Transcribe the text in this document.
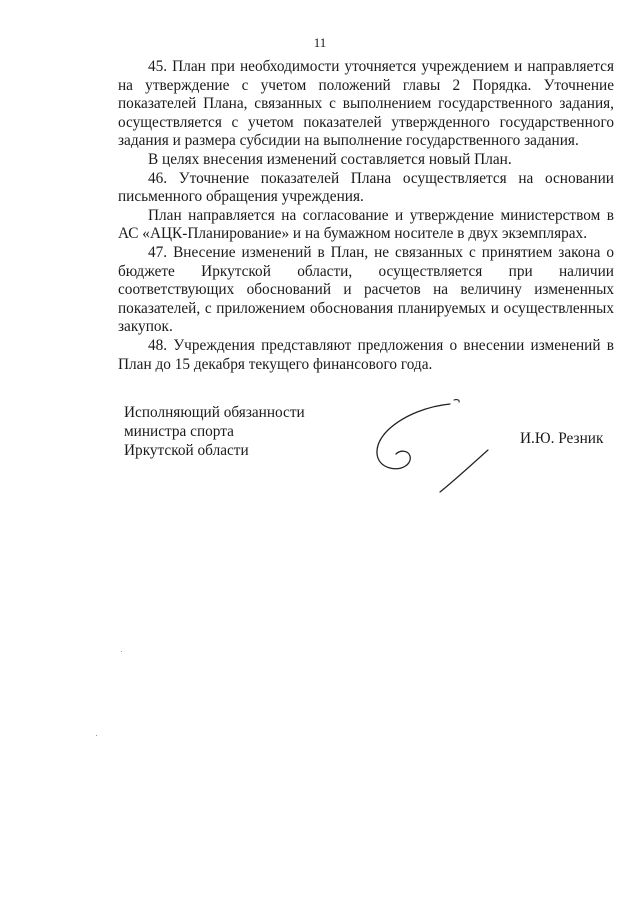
11

45. План при необходимости уточняется учреждением и направляется на утверждение с учетом положений главы 2 Порядка. Уточнение показателей Плана, связанных с выполнением государственного задания, осуществляется с учетом показателей утвержденного государственного задания и размера субсидии на выполнение государственного задания.

В целях внесения изменений составляется новый План.

46. Уточнение показателей Плана осуществляется на основании письменного обращения учреждения.

План направляется на согласование и утверждение министерством в АС «АЦК-Планирование» и на бумажном носителе в двух экземплярах.

47. Внесение изменений в План, не связанных с принятием закона о бюджете Иркутской области, осуществляется при наличии соответствующих обоснований и расчетов на величину измененных показателей, с приложением обоснования планируемых и осуществленных закупок.

48. Учреждения представляют предложения о внесении изменений в План до 15 декабря текущего финансового года.

Исполняющий обязанности
министра спорта
Иркутской области
И.Ю. Резник
